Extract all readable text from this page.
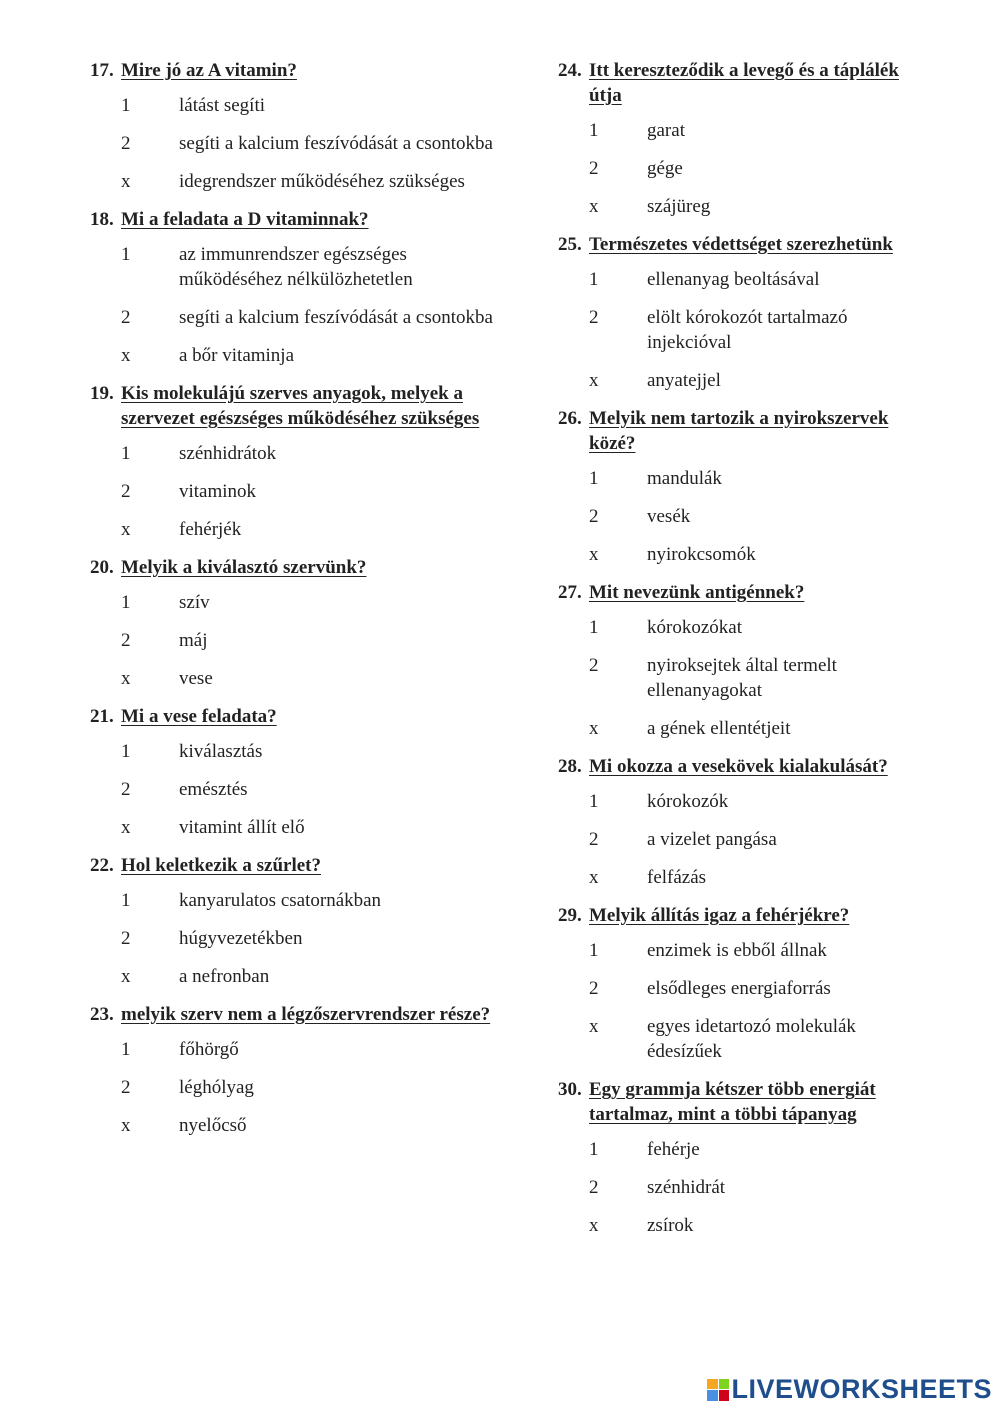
17. Mire jó az A vitamin?
1	látást segíti
2	segíti a kalcium feszívódását a csontokba
x	idegrendszer működéséhez szükséges
18. Mi a feladata a D vitaminnak?
1	az immunrendszer egészséges működéséhez nélkülözhetetlen
2	segíti a kalcium feszívódását a csontokba
x	a bőr vitaminja
19. Kis molekulájú szerves anyagok, melyek a szervezet egészséges működéséhez szükséges
1	szénhidrátok
2	vitaminok
x	fehérjék
20. Melyik a kiválasztó szervünk?
1	szív
2	máj
x	vese
21. Mi a vese feladata?
1	kiválasztás
2	emésztés
x	vitamint állít elő
22. Hol keletkezik a szűrlet?
1	kanyarulatos csatornákban
2	húgyvezetékben
x	a nefronban
23. melyik szerv nem a légzőszervrendszer része?
1	főhörgő
2	léghólyag
x	nyelőcső
24. Itt kereszteződik a levegő és a táplálék útja
1	garat
2	gége
x	szájüreg
25. Természetes védettséget szerezhetünk
1	ellenanyag beoltásával
2	elölt kórokozót tartalmazó injekcióval
x	anyatejjel
26. Melyik nem tartozik a nyirokszervek közé?
1	mandulák
2	vesék
x	nyirokcsomók
27. Mit nevezünk antigénnek?
1	kórokozókat
2	nyiroksejtek által termelt ellenanyagokat
x	a gének ellentétjeit
28. Mi okozza a vesekövek kialakulását?
1	kórokozók
2	a vizelet pangása
x	felfázás
29. Melyik állítás igaz a fehérjékre?
1	enzimek is ebből állnak
2	elsődleges energiaforrás
x	egyes idetartozó molekulák édesízűek
30. Egy grammja kétszer több energiát tartalmaz, mint a többi tápanyag
1	fehérje
2	szénhidrát
x	zsírok
LIVEWORKSHEETS
